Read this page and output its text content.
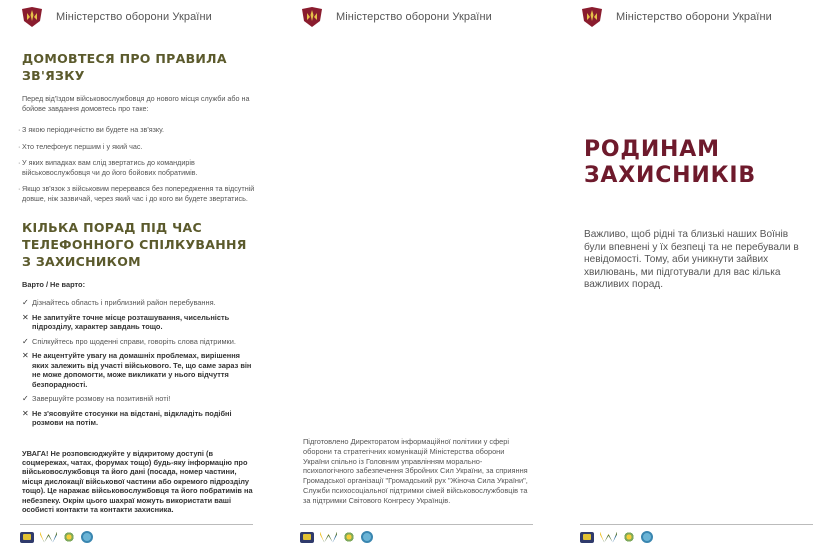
Міністерство оборони України
ДОМОВТЕСЯ ПРО ПРАВИЛА ЗВ'ЯЗКУ
Перед від'їздом військовослужбовця до нового місця служби або на бойове завдання домовтесь про таке:
· З якою періодичністю ви будете на зв'язку.
· Хто телефонує першим і у який час.
· У яких випадках вам слід звертатись до командирів військовослужбовця чи до його бойових побратимів.
· Якщо зв'язок з військовим перервався без попередження та відсутній довше, ніж зазвичай, через який час і до кого ви будете звертатись.
КІЛЬКА ПОРАД ПІД ЧАС ТЕЛЕФОННОГО СПІЛКУВАННЯ З ЗАХИСНИКОМ
Варто / Не варто:
✓ Дізнайтесь область і приблизний район перебування.
✕ Не запитуйте точне місце розташування, чисельність підрозділу, характер завдань тощо.
✓ Спілкуйтесь про щоденні справи, говоріть слова підтримки.
✕ Не акцентуйте увагу на домашніх проблемах, вирішення яких залежить від участі військового. Те, що саме зараз він не може допомогти, може викликати у нього відчуття безпорадності.
✓ Завершуйте розмову на позитивній ноті!
✕ Не з'ясовуйте стосунки на відстані, відкладіть подібні розмови на потім.
УВАГА! Не розповсюджуйте у відкритому доступі (в соцмережах, чатах, форумах тощо) будь-яку інформацію про військовослужбовця та його дані (посада, номер частини, місця дислокації військової частини або окремого підрозділу тощо). Це наражає військовослужбовця та його побратимів на небезпеку. Окрім цього шахраї можуть використати ваші особисті контакти та контакти захисника.
Міністерство оборони України
Підготовлено Директоратом інформаційної політики у сфері оборони та стратегічних комунікацій Міністерства оборони України спільно із Головним управлінням морально-психологічного забезпечення Збройних Сил України, за сприяння Громадської організації "Громадський рух "Жіноча Сила України", Служби психосоціальної підтримки сімей військовослужбовців та за підтримки Світового Конгресу Українців.
Міністерство оборони України
РОДИНАМ
ЗАХИСНИКІВ
Важливо, щоб рідні та близькі наших Воїнів були впевнені у їх безпеці та не перебували в невідомості. Тому, аби уникнути зайвих хвилювань, ми підготували для вас кілька важливих порад.
